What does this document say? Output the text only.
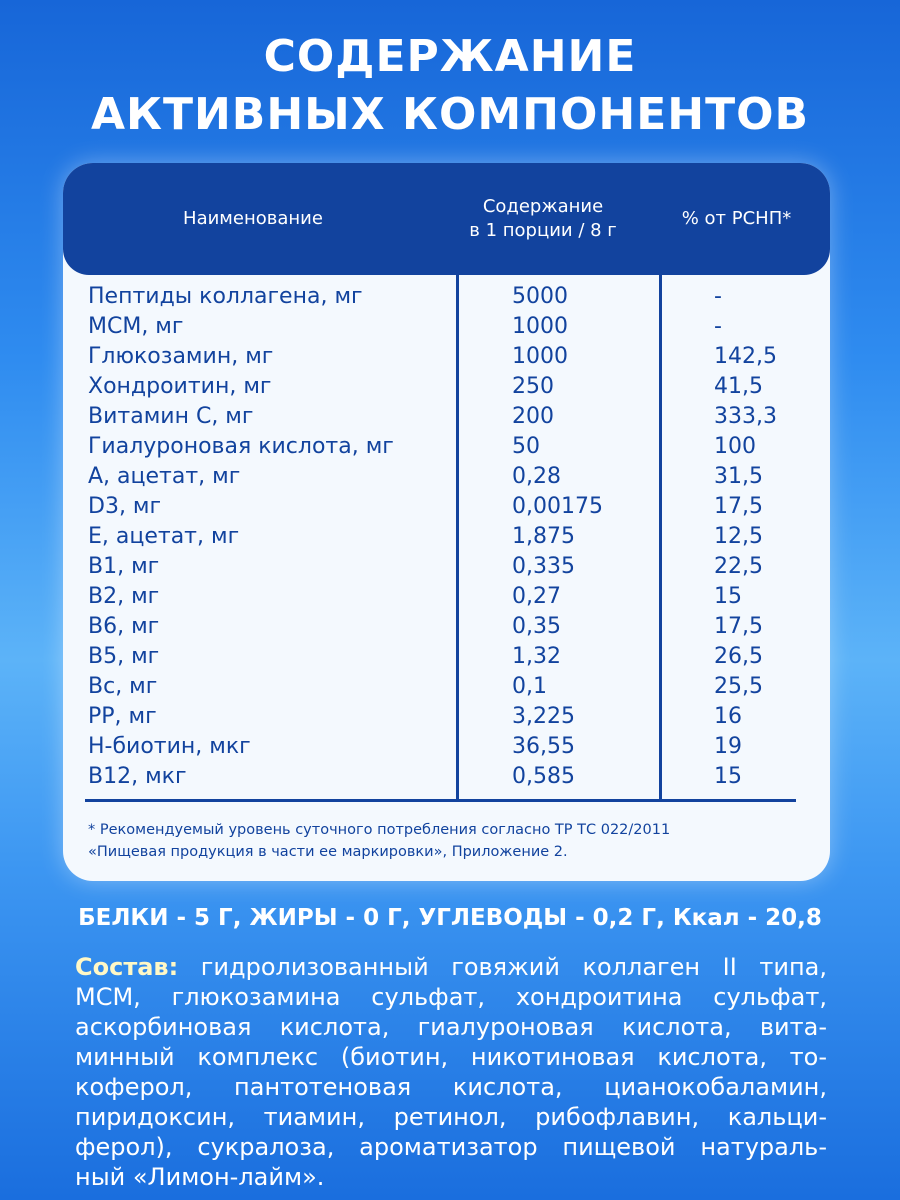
СОДЕРЖАНИЕ
АКТИВНЫХ КОМПОНЕНТОВ
Наименование
Содержание
в 1 порции / 8 г
% от РСНП*
Пептиды коллагена, мг	5000	-
МСМ, мг	1000	-
Глюкозамин, мг	1000	142,5
Хондроитин, мг	250	41,5
Витамин С, мг	200	333,3
Гиалуроновая кислота, мг	50	100
А, ацетат, мг	0,28	31,5
D3, мг	0,00175	17,5
Е, ацетат, мг	1,875	12,5
В1, мг	0,335	22,5
В2, мг	0,27	15
В6, мг	0,35	17,5
В5, мг	1,32	26,5
Вс, мг	0,1	25,5
РР, мг	3,225	16
Н-биотин, мкг	36,55	19
В12, мкг	0,585	15
* Рекомендуемый уровень суточного потребления согласно ТР ТС 022/2011
«Пищевая продукция в части ее маркировки», Приложение 2.
БЕЛКИ - 5 Г, ЖИРЫ - 0 Г, УГЛЕВОДЫ - 0,2 Г, Ккал - 20,8
Состав: гидролизованный говяжий коллаген II типа,
МСМ, глюкозамина сульфат, хондроитина сульфат,
аскорбиновая кислота, гиалуроновая кислота, вита-
минный комплекс (биотин, никотиновая кислота, то-
коферол, пантотеновая кислота, цианокобаламин,
пиридоксин, тиамин, ретинол, рибофлавин, кальци-
ферол), сукралоза, ароматизатор пищевой натураль-
ный «Лимон-лайм».
